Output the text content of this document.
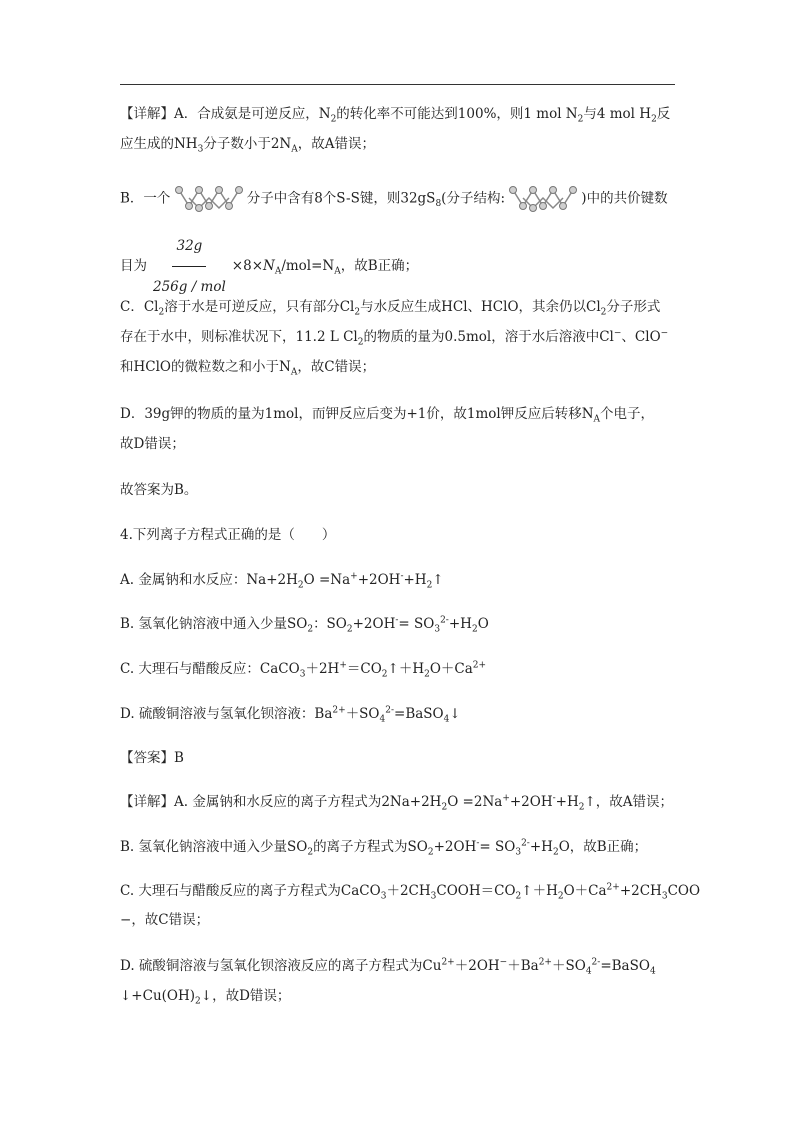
【详解】A．合成氨是可逆反应，$N_2$的转化率不可能达到100%，则1 mol $N_2$与4 mol $H_2$反
应生成的$NH_3$分子数小于$2N_A$，故A错误；
B．一个	分子中含有8个S-S键，则$32gS_8$(分子结构:	)中的共价键数
目为 $\frac{32g}{\text{256g / mol}} \times 8\times N_A/mol=N_A$，故B正确；
C．$Cl_2$溶于水是可逆反应，只有部分$Cl_2$与水反应生成HCl、HClO，其余仍以$Cl_2$分子形式
存在于水中，则标准状况下，11.2 L $Cl_2$的物质的量为0.5mol，溶于水后溶液中Cl−、ClO−
和HClO的微粒数之和小于$N_A$，故C错误；
D．39g钾的物质的量为1mol，而钾反应后变为+1价，故1mol钾反应后转移$N_A$个电子，
故D错误；
故答案为B。
4.下列离子方程式正确的是（　　）
A. 金属钠和水反应：$Na+2H_2O$ $=Na^++2OH^-+H_2↑$
B. 氢氧化钠溶液中通入少量$SO_2$：$SO_2+2OH^-= SO_3^{2-}+H_2O$
C. 大理石与醋酸反应：$CaCO_3+2H^+=CO_2↑+H_2O+Ca^{2+}$
D. 硫酸铜溶液与氢氧化钡溶液：$Ba^{2+}+SO_4^{2-}=BaSO_4↓$
【答案】B
【详解】A. 金属钠和水反应的离子方程式为$2Na+2H_2O$ $=2Na^++2OH^-+H_2↑$，故A错误；
B. 氢氧化钠溶液中通入少量$SO_2$的离子方程式为$SO_2+2OH^-= SO_3^{2-}+H_2O$，故B正确；
C. 大理石与醋酸反应的离子方程式为$CaCO_3+2CH_3COOH=CO_2↑+H_2O+Ca^{2+}+2CH_3COO$
−，故C错误；
D. 硫酸铜溶液与氢氧化钡溶液反应的离子方程式为$Cu^{2+}+2OH^-+Ba^{2+}+SO_4^{2-}=BaSO_4$
$↓+Cu(OH)_2↓$，故D错误；
